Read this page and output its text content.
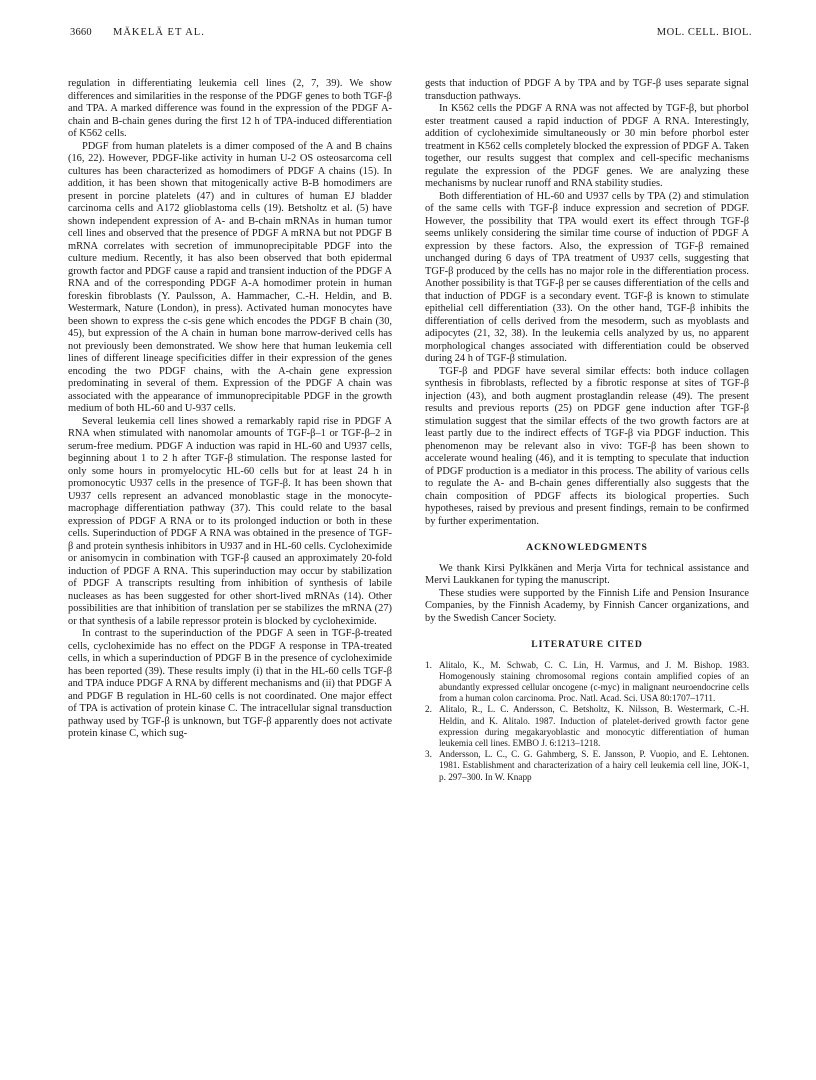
3660 MÄKELÄ ET AL.	MOL. CELL. BIOL.

regulation in differentiating leukemia cell lines (2, 7, 39). We show differences and similarities in the response of the PDGF genes to both TGF-β and TPA. A marked difference was found in the expression of the PDGF A-chain and B-chain genes during the first 12 h of TPA-induced differentiation of K562 cells.

PDGF from human platelets is a dimer composed of the A and B chains (16, 22). However, PDGF-like activity in human U-2 OS osteosarcoma cell cultures has been characterized as homodimers of PDGF A chains (15). In addition, it has been shown that mitogenically active B-B homodimers are present in porcine platelets (47) and in cultures of human EJ bladder carcinoma cells and A172 glioblastoma cells (19). Betsholtz et al. (5) have shown independent expression of A- and B-chain mRNAs in human tumor cell lines and observed that the presence of PDGF A mRNA but not PDGF B mRNA correlates with secretion of immunoprecipitable PDGF into the culture medium. Recently, it has also been observed that both epidermal growth factor and PDGF cause a rapid and transient induction of the PDGF A RNA and of the corresponding PDGF A-A homodimer protein in human foreskin fibroblasts (Y. Paulsson, A. Hammacher, C.-H. Heldin, and B. Westermark, Nature (London), in press). Activated human monocytes have been shown to express the c-sis gene which encodes the PDGF B chain (30, 45), but expression of the A chain in human bone marrow-derived cells has not previously been demonstrated. We show here that human leukemia cell lines of different lineage specificities differ in their expression of the genes encoding the two PDGF chains, with the A-chain gene expression predominating in several of them. Expression of the PDGF A chain was associated with the appearance of immunoprecipitable PDGF in the growth medium of both HL-60 and U-937 cells.

Several leukemia cell lines showed a remarkably rapid rise in PDGF A RNA when stimulated with nanomolar amounts of TGF-β–1 or TGF-β–2 in serum-free medium. PDGF A induction was rapid in HL-60 and U937 cells, beginning about 1 to 2 h after TGF-β stimulation. The response lasted for only some hours in promyelocytic HL-60 cells but for at least 24 h in promonocytic U937 cells in the presence of TGF-β. It has been shown that U937 cells represent an advanced monoblastic stage in the monocyte-macrophage differentiation pathway (37). This could relate to the basal expression of PDGF A RNA or to its prolonged induction or both in these cells. Superinduction of PDGF A RNA was obtained in the presence of TGF-β and protein synthesis inhibitors in U937 and in HL-60 cells. Cycloheximide or anisomycin in combination with TGF-β caused an approximately 20-fold induction of PDGF A RNA. This superinduction may occur by stabilization of PDGF A transcripts resulting from inhibition of synthesis of labile nucleases as has been suggested for other short-lived mRNAs (14). Other possibilities are that inhibition of translation per se stabilizes the mRNA (27) or that synthesis of a labile repressor protein is blocked by cycloheximide.

In contrast to the superinduction of the PDGF A seen in TGF-β-treated cells, cycloheximide has no effect on the PDGF A response in TPA-treated cells, in which a superinduction of PDGF B in the presence of cycloheximide has been reported (39). These results imply (i) that in the HL-60 cells TGF-β and TPA induce PDGF A RNA by different mechanisms and (ii) that PDGF A and PDGF B regulation in HL-60 cells is not coordinated. One major effect of TPA is activation of protein kinase C. The intracellular signal transduction pathway used by TGF-β is unknown, but TGF-β apparently does not activate protein kinase C, which sug-

gests that induction of PDGF A by TPA and by TGF-β uses separate signal transduction pathways.

In K562 cells the PDGF A RNA was not affected by TGF-β, but phorbol ester treatment caused a rapid induction of PDGF A RNA. Interestingly, addition of cycloheximide simultaneously or 30 min before phorbol ester treatment in K562 cells completely blocked the expression of PDGF A. Taken together, our results suggest that complex and cell-specific mechanisms regulate the expression of the PDGF genes. We are analyzing these mechanisms by nuclear runoff and RNA stability studies.

Both differentiation of HL-60 and U937 cells by TPA (2) and stimulation of the same cells with TGF-β induce expression and secretion of PDGF. However, the possibility that TPA would exert its effect through TGF-β seems unlikely considering the similar time course of induction of PDGF A expression by these factors. Also, the expression of TGF-β remained unchanged during 6 days of TPA treatment of U937 cells, suggesting that TGF-β produced by the cells has no major role in the differentiation process. Another possibility is that TGF-β per se causes differentiation of the cells and that induction of PDGF is a secondary event. TGF-β is known to stimulate epithelial cell differentiation (33). On the other hand, TGF-β inhibits the differentiation of cells derived from the mesoderm, such as myoblasts and adipocytes (21, 32, 38). In the leukemia cells analyzed by us, no apparent morphological changes associated with differentiation could be observed during 24 h of TGF-β stimulation.

TGF-β and PDGF have several similar effects: both induce collagen synthesis in fibroblasts, reflected by a fibrotic response at sites of TGF-β injection (43), and both augment prostaglandin release (49). The present results and previous reports (25) on PDGF gene induction after TGF-β stimulation suggest that the similar effects of the two growth factors are at least partly due to the indirect effects of TGF-β via PDGF induction. This phenomenon may be relevant also in vivo: TGF-β has been shown to accelerate wound healing (46), and it is tempting to speculate that induction of PDGF production is a mediator in this process. The ability of various cells to regulate the A- and B-chain genes differentially also suggests that the chain composition of PDGF affects its biological properties. Such hypotheses, raised by previous and present findings, remain to be confirmed by further experimentation.

ACKNOWLEDGMENTS

We thank Kirsi Pylkkänen and Merja Virta for technical assistance and Mervi Laukkanen for typing the manuscript.

These studies were supported by the Finnish Life and Pension Insurance Companies, by the Finnish Academy, by Finnish Cancer organizations, and by the Swedish Cancer Society.

LITERATURE CITED

1. Alitalo, K., M. Schwab, C. C. Lin, H. Varmus, and J. M. Bishop. 1983. Homogenously staining chromosomal regions contain amplified copies of an abundantly expressed cellular oncogene (c-myc) in malignant neuroendocrine cells from a human colon carcinoma. Proc. Natl. Acad. Sci. USA 80:1707–1711.

2. Alitalo, R., L. C. Andersson, C. Betsholtz, K. Nilsson, B. Westermark, C.-H. Heldin, and K. Alitalo. 1987. Induction of platelet-derived growth factor gene expression during megakaryoblastic and monocytic differentiation of human leukemia cell lines. EMBO J. 6:1213–1218.

3. Andersson, L. C., C. G. Gahmberg, S. E. Jansson, P. Vuopio, and E. Lehtonen. 1981. Establishment and characterization of a hairy cell leukemia cell line, JOK-1, p. 297–300. In W. Knapp
